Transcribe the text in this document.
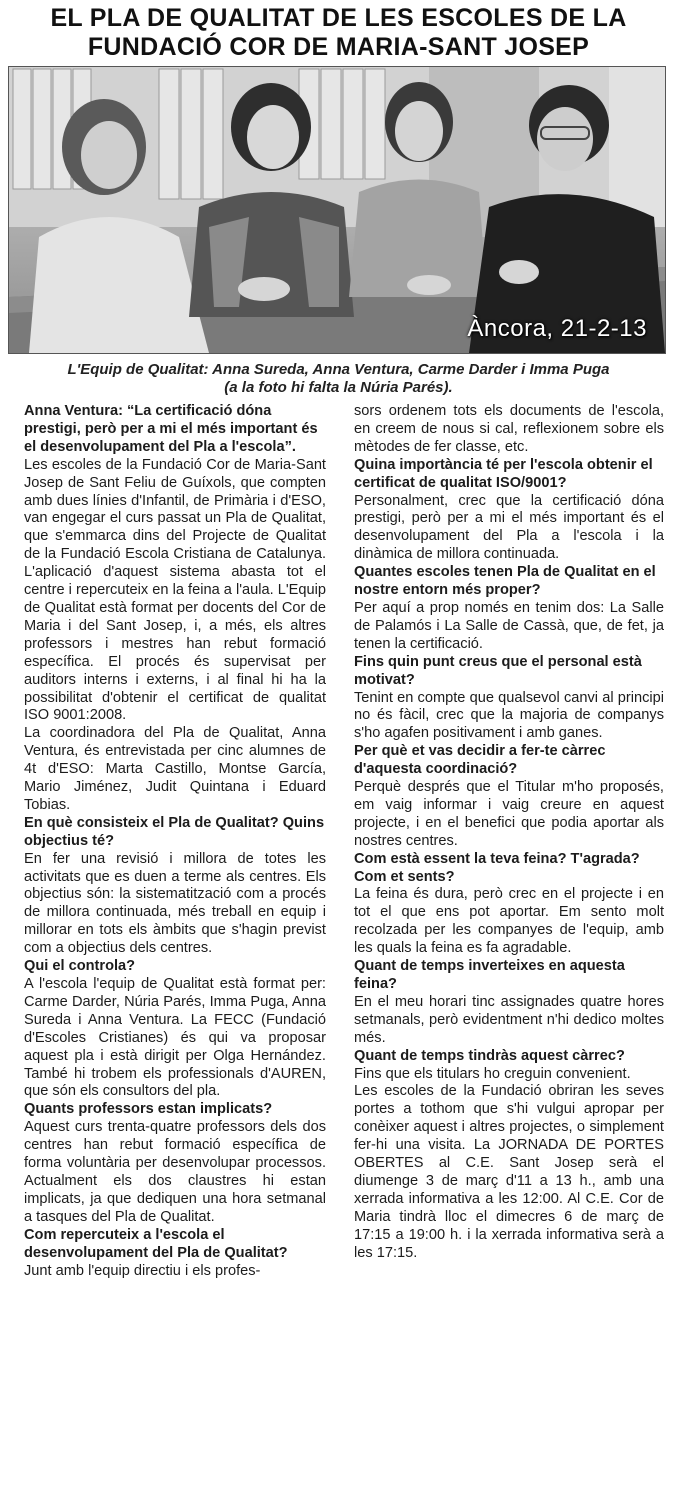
EL PLA DE QUALITAT DE LES ESCOLES DE LA
FUNDACIÓ COR DE MARIA-SANT JOSEP
Àncora, 21-2-13
L'Equip de Qualitat: Anna Sureda, Anna Ventura, Carme Darder i Imma Puga
(a la foto hi falta la Núria Parés).
Anna Ventura: “La certificació dóna prestigi, però per a mi el més important és el desenvolupament del Pla a l'escola”.
Les escoles de la Fundació Cor de Maria-Sant Josep de Sant Feliu de Guíxols, que compten amb dues línies d'Infantil, de Primària i d'ESO, van engegar el curs passat un Pla de Qualitat, que s'emmarca dins del Projecte de Qualitat de la Fundació Escola Cristiana de Catalunya. L'aplicació d'aquest sistema abasta tot el centre i repercuteix en la feina a l'aula. L'Equip de Qualitat està format per docents del Cor de Maria i del Sant Josep, i, a més, els altres professors i mestres han rebut formació específica. El procés és supervisat per auditors interns i externs, i al final hi ha la possibilitat d'obtenir el certificat de qualitat ISO 9001:2008.
La coordinadora del Pla de Qualitat, Anna Ventura, és entrevistada per cinc alumnes de 4t d'ESO: Marta Castillo, Montse García, Mario Jiménez, Judit Quintana i Eduard Tobias.
En què consisteix el Pla de Qualitat? Quins objectius té?
En fer una revisió i millora de totes les activitats que es duen a terme als centres. Els objectius són: la sistematització com a procés de millora continuada, més treball en equip i millorar en tots els àmbits que s'hagin previst com a objectius dels centres.
Qui el controla?
A l'escola l'equip de Qualitat està format per: Carme Darder, Núria Parés, Imma Puga, Anna Sureda i Anna Ventura. La FECC (Fundació d'Escoles Cristianes) és qui va proposar aquest pla i està dirigit per Olga Hernández. També hi trobem els professionals d'AUREN, que són els consultors del pla.
Quants professors estan implicats?
Aquest curs trenta-quatre professors dels dos centres han rebut formació específica de forma voluntària per desenvolupar processos. Actualment els dos claustres hi estan implicats, ja que dediquen una hora setmanal a tasques del Pla de Qualitat.
Com repercuteix a l'escola el desenvolupament del Pla de Qualitat?
Junt amb l'equip directiu i els profes-
sors ordenem tots els documents de l'escola, en creem de nous si cal, reflexionem sobre els mètodes de fer classe, etc.
Quina importància té per l'escola obtenir el certificat de qualitat ISO/9001?
Personalment, crec que la certificació dóna prestigi, però per a mi el més important és el desenvolupament del Pla a l'escola i la dinàmica de millora continuada.
Quantes escoles tenen Pla de Qualitat en el nostre entorn més proper?
Per aquí a prop només en tenim dos: La Salle de Palamós i La Salle de Cassà, que, de fet, ja tenen la certificació.
Fins quin punt creus que el personal està motivat?
Tenint en compte que qualsevol canvi al principi no és fàcil, crec que la majoria de companys s'ho agafen positivament i amb ganes.
Per què et vas decidir a fer-te càrrec d'aquesta coordinació?
Perquè després que el Titular m'ho proposés, em vaig informar i vaig creure en aquest projecte, i en el benefici que podia aportar als nostres centres.
Com està essent la teva feina? T'agrada? Com et sents?
La feina és dura, però crec en el projecte i en tot el que ens pot aportar. Em sento molt recolzada per les companyes de l'equip, amb les quals la feina es fa agradable.
Quant de temps inverteixes en aquesta feina?
En el meu horari tinc assignades quatre hores setmanals, però evidentment n'hi dedico moltes més.
Quant de temps tindràs aquest càrrec?
Fins que els titulars ho creguin convenient.
Les escoles de la Fundació obriran les seves portes a tothom que s'hi vulgui apropar per conèixer aquest i altres projectes, o simplement fer-hi una visita. La JORNADA DE PORTES OBERTES al C.E. Sant Josep serà el diumenge 3 de març d'11 a 13 h., amb una xerrada informativa a les 12:00. Al C.E. Cor de Maria tindrà lloc el dimecres 6 de març de 17:15 a 19:00 h. i la xerrada informativa serà a les 17:15.
